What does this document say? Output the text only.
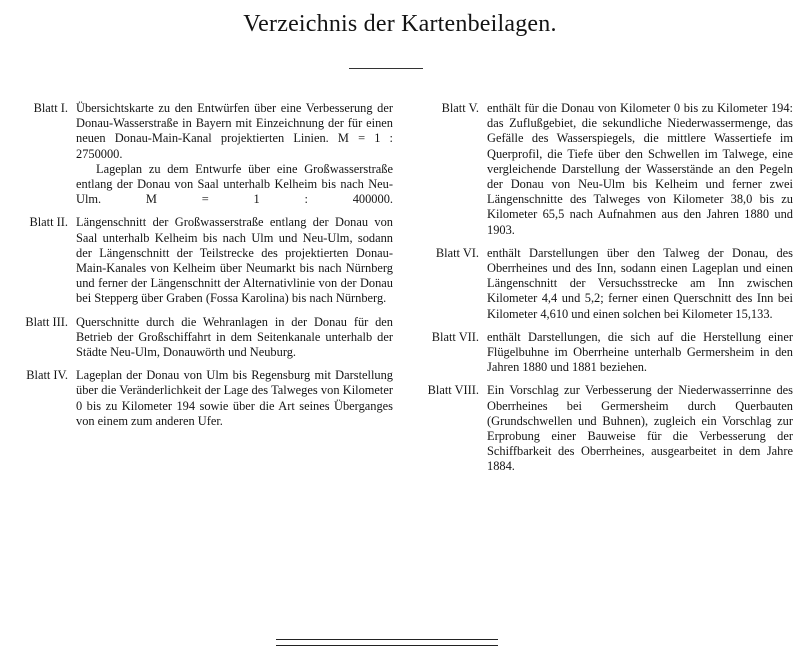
Verzeichnis der Kartenbeilagen.
Blatt I. Übersichtskarte zu den Entwürfen über eine Verbesserung der Donau-Wasserstraße in Bayern mit Einzeichnung der für einen neuen Donau-Main-Kanal projektierten Linien. M = 1 : 2750000.

Lageplan zu dem Entwurfe über eine Großwasserstraße entlang der Donau von Saal unterhalb Kelheim bis nach Neu-Ulm. M = 1 : 400000.

Blatt II. Längenschnitt der Großwasserstraße entlang der Donau von Saal unterhalb Kelheim bis nach Ulm und Neu-Ulm, sodann der Längenschnitt der Teilstrecke des projektierten Donau-Main-Kanales von Kelheim über Neumarkt bis nach Nürnberg und ferner der Längenschnitt der Alternativlinie von der Donau bei Stepperg über Graben (Fossa Karolina) bis nach Nürnberg.

Blatt III. Querschnitte durch die Wehranlagen in der Donau für den Betrieb der Großschiffahrt in dem Seitenkanale unterhalb der Städte Neu-Ulm, Donauwörth und Neuburg.

Blatt IV. Lageplan der Donau von Ulm bis Regensburg mit Darstellung über die Veränderlichkeit der Lage des Talweges von Kilometer 0 bis zu Kilometer 194 sowie über die Art seines Überganges von einem zum anderen Ufer.

Blatt V. enthält für die Donau von Kilometer 0 bis zu Kilometer 194: das Zuflußgebiet, die sekundliche Niederwassermenge, das Gefälle des Wasserspiegels, die mittlere Wassertiefe im Querprofil, die Tiefe über den Schwellen im Talwege, eine vergleichende Darstellung der Wasserstände an den Pegeln der Donau von Neu-Ulm bis Kelheim und ferner zwei Längenschnitte des Talweges von Kilometer 38,0 bis zu Kilometer 65,5 nach Aufnahmen aus den Jahren 1880 und 1903.

Blatt VI. enthält Darstellungen über den Talweg der Donau, des Oberrheines und des Inn, sodann einen Lageplan und einen Längenschnitt der Versuchsstrecke am Inn zwischen Kilometer 4,4 und 5,2; ferner einen Querschnitt des Inn bei Kilometer 4,610 und einen solchen bei Kilometer 15,133.

Blatt VII. enthält Darstellungen, die sich auf die Herstellung einer Flügelbuhne im Oberrheine unterhalb Germersheim in den Jahren 1880 und 1881 beziehen.

Blatt VIII. Ein Vorschlag zur Verbesserung der Niederwasserrinne des Oberrheines bei Germersheim durch Querbauten (Grundschwellen und Buhnen), zugleich ein Vorschlag zur Erprobung einer Bauweise für die Verbesserung der Schiffbarkeit des Oberrheines, ausgearbeitet in dem Jahre 1884.
